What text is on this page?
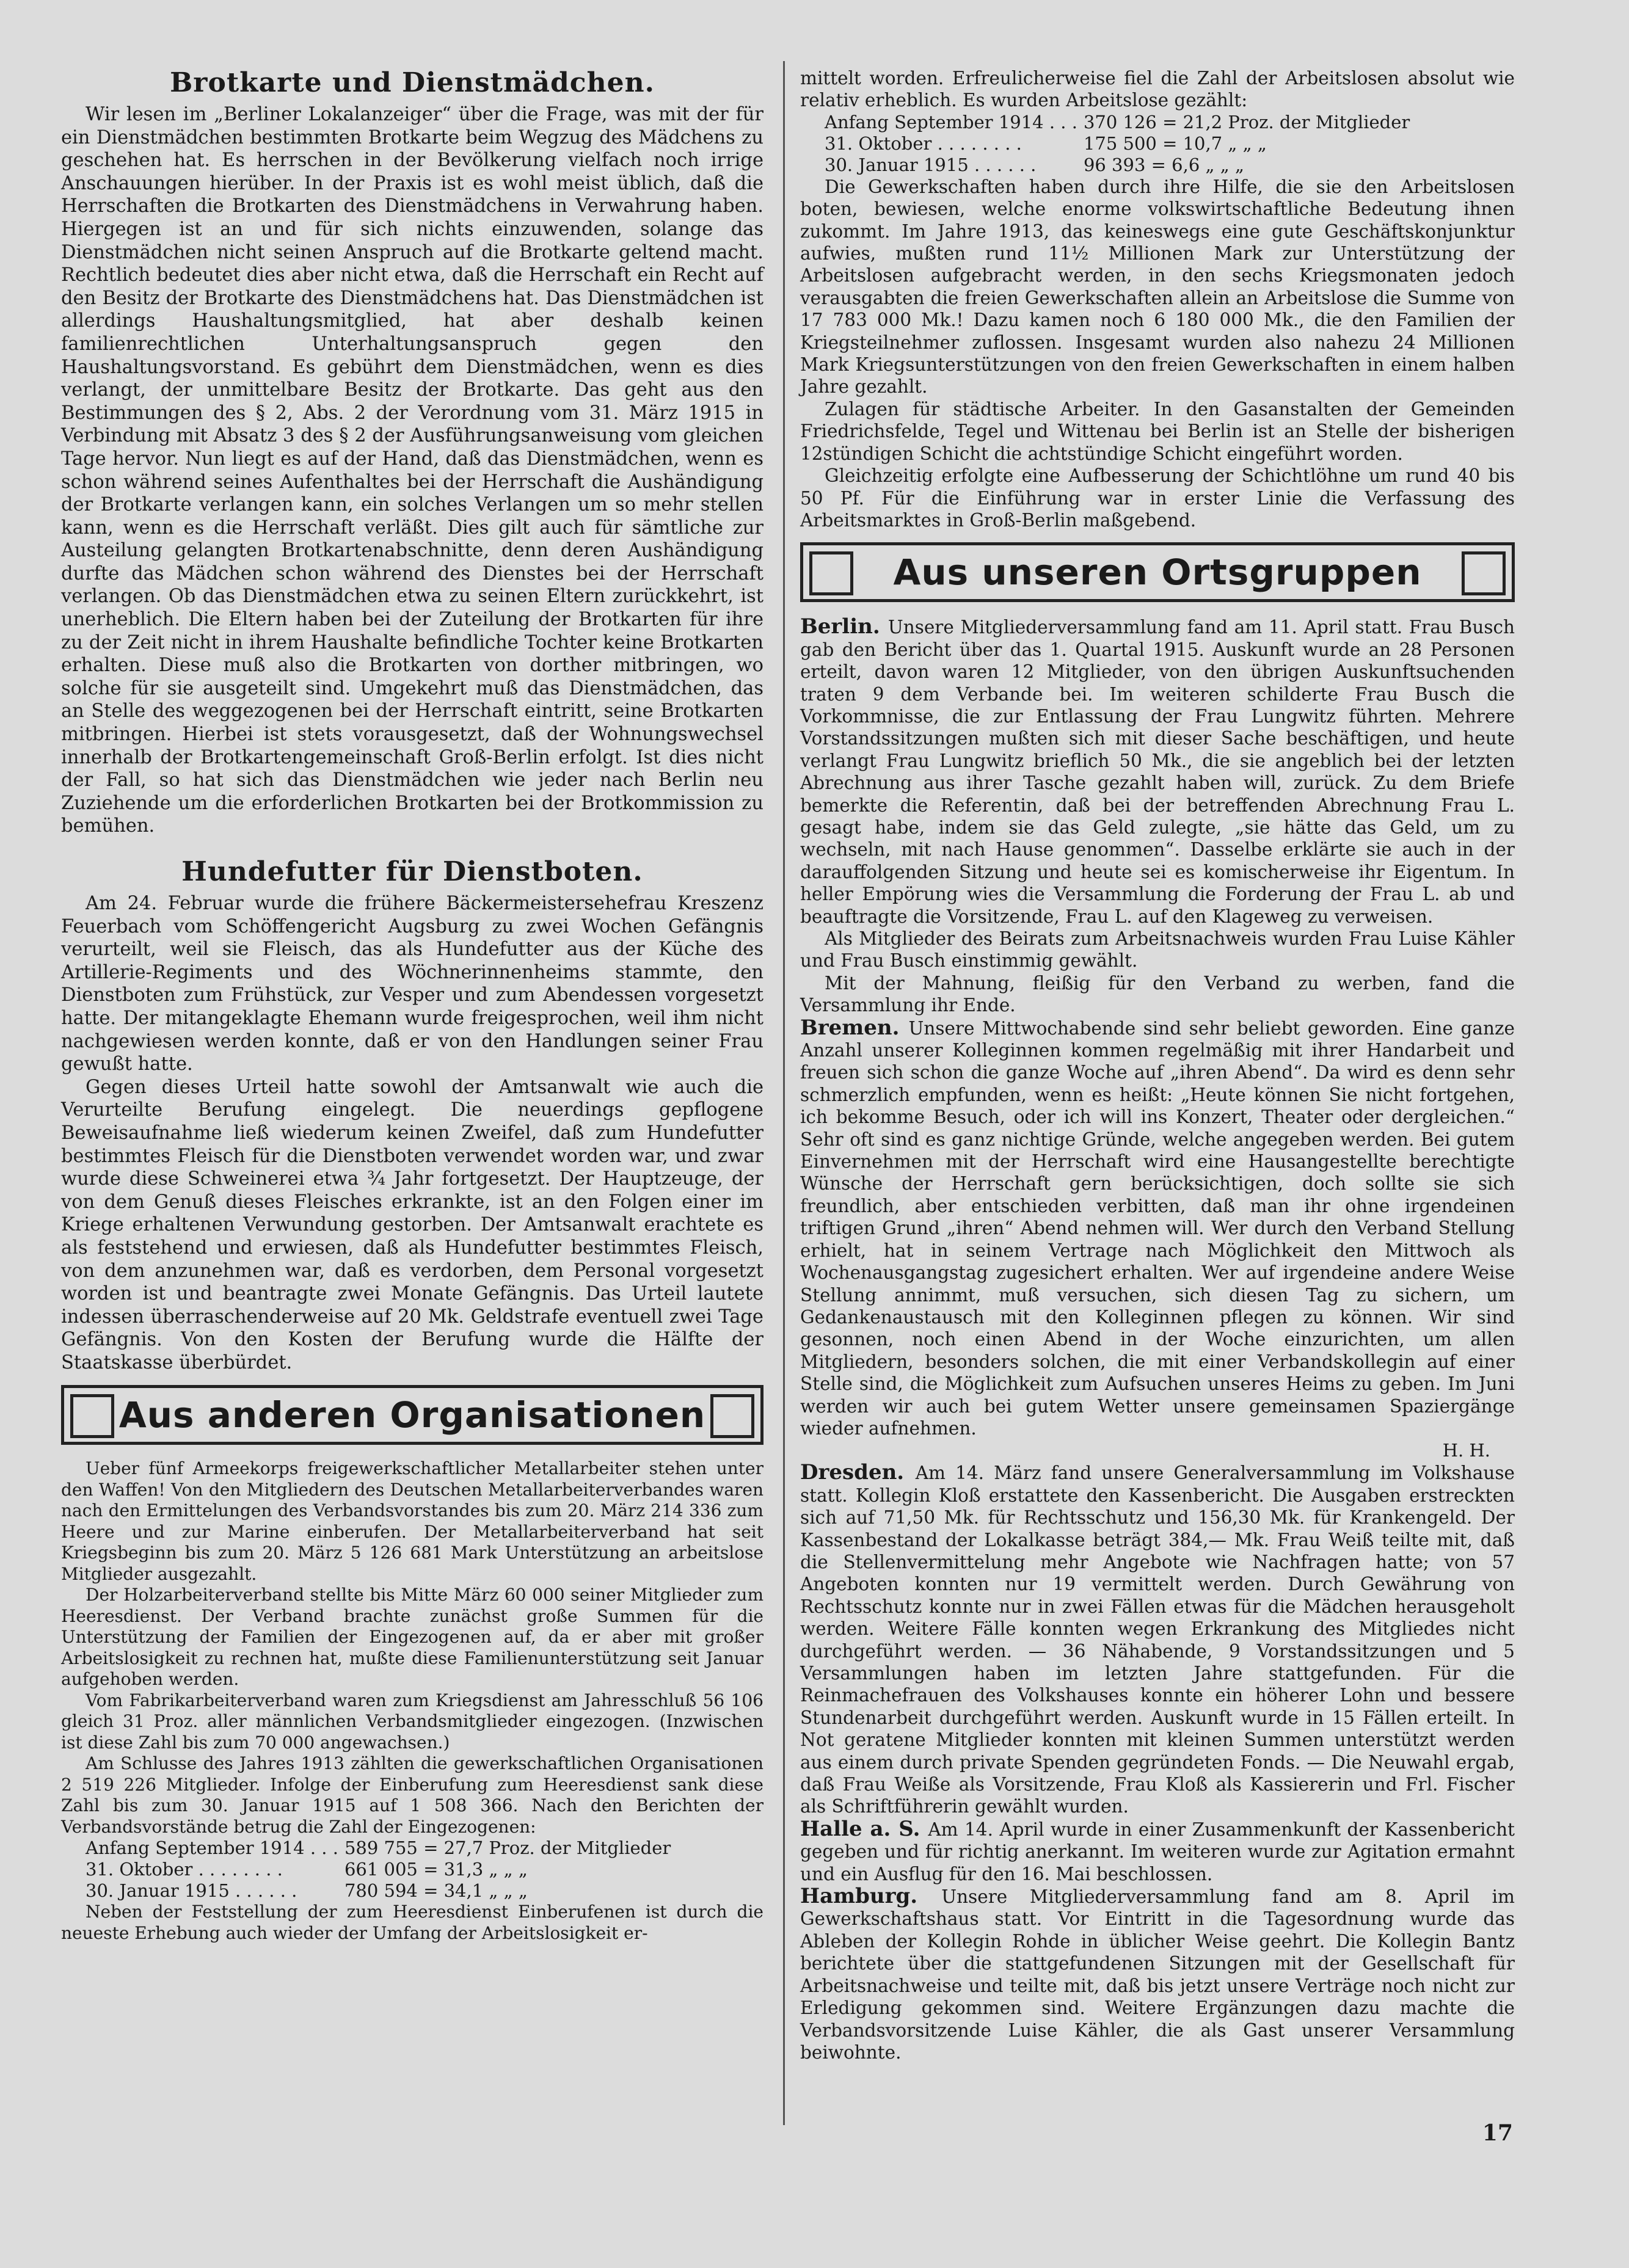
Brotkarte und Dienstmädchen.

Wir lesen im „Berliner Lokalanzeiger“ über die Frage, was mit der für ein Dienstmädchen bestimmten Brotkarte beim Wegzug des Mädchens zu geschehen hat. Es herrschen in der Bevölkerung vielfach noch irrige Anschauungen hierüber. In der Praxis ist es wohl meist üblich, daß die Herrschaften die Brotkarten des Dienstmädchens in Verwahrung haben. Hiergegen ist an und für sich nichts einzuwenden, solange das Dienstmädchen nicht seinen Anspruch auf die Brotkarte geltend macht. Rechtlich bedeutet dies aber nicht etwa, daß die Herrschaft ein Recht auf den Besitz der Brotkarte des Dienstmädchens hat. Das Dienstmädchen ist allerdings Haushaltungsmitglied, hat aber deshalb keinen familienrechtlichen Unterhaltungsanspruch gegen den Haushaltungsvorstand. Es gebührt dem Dienstmädchen, wenn es dies verlangt, der unmittelbare Besitz der Brotkarte. Das geht aus den Bestimmungen des § 2, Abs. 2 der Verordnung vom 31. März 1915 in Verbindung mit Absatz 3 des § 2 der Ausführungsanweisung vom gleichen Tage hervor. Nun liegt es auf der Hand, daß das Dienstmädchen, wenn es schon während seines Aufenthaltes bei der Herrschaft die Aushändigung der Brotkarte verlangen kann, ein solches Verlangen um so mehr stellen kann, wenn es die Herrschaft verläßt. Dies gilt auch für sämtliche zur Austeilung gelangten Brotkartenabschnitte, denn deren Aushändigung durfte das Mädchen schon während des Dienstes bei der Herrschaft verlangen. Ob das Dienstmädchen etwa zu seinen Eltern zurückkehrt, ist unerheblich. Die Eltern haben bei der Zuteilung der Brotkarten für ihre zu der Zeit nicht in ihrem Haushalte befindliche Tochter keine Brotkarten erhalten. Diese muß also die Brotkarten von dorther mitbringen, wo solche für sie ausgeteilt sind. Umgekehrt muß das Dienstmädchen, das an Stelle des weggezogenen bei der Herrschaft eintritt, seine Brotkarten mitbringen. Hierbei ist stets vorausgesetzt, daß der Wohnungswechsel innerhalb der Brotkartengemeinschaft Groß-Berlin erfolgt. Ist dies nicht der Fall, so hat sich das Dienstmädchen wie jeder nach Berlin neu Zuziehende um die erforderlichen Brotkarten bei der Brotkommission zu bemühen.

Hundefutter für Dienstboten.

Am 24. Februar wurde die frühere Bäckermeistersehefrau Kreszenz Feuerbach vom Schöffengericht Augsburg zu zwei Wochen Gefängnis verurteilt, weil sie Fleisch, das als Hundefutter aus der Küche des Artillerie-Regiments und des Wöchnerinnenheims stammte, den Dienstboten zum Frühstück, zur Vesper und zum Abendessen vorgesetzt hatte. Der mitangeklagte Ehemann wurde freigesprochen, weil ihm nicht nachgewiesen werden konnte, daß er von den Handlungen seiner Frau gewußt hatte.

Gegen dieses Urteil hatte sowohl der Amtsanwalt wie auch die Verurteilte Berufung eingelegt. Die neuerdings gepflogene Beweisaufnahme ließ wiederum keinen Zweifel, daß zum Hundefutter bestimmtes Fleisch für die Dienstboten verwendet worden war, und zwar wurde diese Schweinerei etwa ¾ Jahr fortgesetzt. Der Hauptzeuge, der von dem Genuß dieses Fleisches erkrankte, ist an den Folgen einer im Kriege erhaltenen Verwundung gestorben. Der Amtsanwalt erachtete es als feststehend und erwiesen, daß als Hundefutter bestimmtes Fleisch, von dem anzunehmen war, daß es verdorben, dem Personal vorgesetzt worden ist und beantragte zwei Monate Gefängnis. Das Urteil lautete indessen überraschenderweise auf 20 Mk. Geldstrafe eventuell zwei Tage Gefängnis. Von den Kosten der Berufung wurde die Hälfte der Staatskasse überbürdet.

Aus anderen Organisationen

Ueber fünf Armeekorps freigewerkschaftlicher Metallarbeiter stehen unter den Waffen! Von den Mitgliedern des Deutschen Metallarbeiterverbandes waren nach den Ermittelungen des Verbandsvorstandes bis zum 20. März 214 336 zum Heere und zur Marine einberufen. Der Metallarbeiterverband hat seit Kriegsbeginn bis zum 20. März 5 126 681 Mark Unterstützung an arbeitslose Mitglieder ausgezahlt.

Der Holzarbeiterverband stellte bis Mitte März 60 000 seiner Mitglieder zum Heeresdienst. Der Verband brachte zunächst große Summen für die Unterstützung der Familien der Eingezogenen auf, da er aber mit großer Arbeitslosigkeit zu rechnen hat, mußte diese Familienunterstützung seit Januar aufgehoben werden.

Vom Fabrikarbeiterverband waren zum Kriegsdienst am Jahresschluß 56 106 gleich 31 Proz. aller männlichen Verbandsmitglieder eingezogen. (Inzwischen ist diese Zahl bis zum 70 000 angewachsen.)

Am Schlusse des Jahres 1913 zählten die gewerkschaftlichen Organisationen 2 519 226 Mitglieder. Infolge der Einberufung zum Heeresdienst sank diese Zahl bis zum 30. Januar 1915 auf 1 508 366. Nach den Berichten der Verbandsvorstände betrug die Zahl der Eingezogenen:

Anfang September 1914 . . .	589 755 = 27,7 Proz. der Mitglieder
31. Oktober . . . . . . . .	661 005 = 31,3 „ „ „
30. Januar 1915 . . . . . .	780 594 = 34,1 „ „ „

Neben der Feststellung der zum Heeresdienst Einberufenen ist durch die neueste Erhebung auch wieder der Umfang der Arbeitslosigkeit er-

mittelt worden. Erfreulicherweise fiel die Zahl der Arbeitslosen absolut wie relativ erheblich. Es wurden Arbeitslose gezählt:

Anfang September 1914 . . .	370 126 = 21,2 Proz. der Mitglieder
31. Oktober . . . . . . . .	175 500 = 10,7 „ „ „
30. Januar 1915 . . . . . .	96 393 = 6,6 „ „ „

Die Gewerkschaften haben durch ihre Hilfe, die sie den Arbeitslosen boten, bewiesen, welche enorme volkswirtschaftliche Bedeutung ihnen zukommt. Im Jahre 1913, das keineswegs eine gute Geschäftskonjunktur aufwies, mußten rund 11½ Millionen Mark zur Unterstützung der Arbeitslosen aufgebracht werden, in den sechs Kriegsmonaten jedoch verausgabten die freien Gewerkschaften allein an Arbeitslose die Summe von 17 783 000 Mk.! Dazu kamen noch 6 180 000 Mk., die den Familien der Kriegsteilnehmer zuflossen. Insgesamt wurden also nahezu 24 Millionen Mark Kriegsunterstützungen von den freien Gewerkschaften in einem halben Jahre gezahlt.

Zulagen für städtische Arbeiter. In den Gasanstalten der Gemeinden Friedrichsfelde, Tegel und Wittenau bei Berlin ist an Stelle der bisherigen 12stündigen Schicht die achtstündige Schicht eingeführt worden.

Gleichzeitig erfolgte eine Aufbesserung der Schichtlöhne um rund 40 bis 50 Pf. Für die Einführung war in erster Linie die Verfassung des Arbeitsmarktes in Groß-Berlin maßgebend.

Aus unseren Ortsgruppen

Berlin. Unsere Mitgliederversammlung fand am 11. April statt. Frau Busch gab den Bericht über das 1. Quartal 1915. Auskunft wurde an 28 Personen erteilt, davon waren 12 Mitglieder, von den übrigen Auskunftsuchenden traten 9 dem Verbande bei. Im weiteren schilderte Frau Busch die Vorkommnisse, die zur Entlassung der Frau Lungwitz führten. Mehrere Vorstandssitzungen mußten sich mit dieser Sache beschäftigen, und heute verlangt Frau Lungwitz brieflich 50 Mk., die sie angeblich bei der letzten Abrechnung aus ihrer Tasche gezahlt haben will, zurück. Zu dem Briefe bemerkte die Referentin, daß bei der betreffenden Abrechnung Frau L. gesagt habe, indem sie das Geld zulegte, „sie hätte das Geld, um zu wechseln, mit nach Hause genommen“. Dasselbe erklärte sie auch in der darauffolgenden Sitzung und heute sei es komischerweise ihr Eigentum. In heller Empörung wies die Versammlung die Forderung der Frau L. ab und beauftragte die Vorsitzende, Frau L. auf den Klageweg zu verweisen.

Als Mitglieder des Beirats zum Arbeitsnachweis wurden Frau Luise Kähler und Frau Busch einstimmig gewählt.

Mit der Mahnung, fleißig für den Verband zu werben, fand die Versammlung ihr Ende.

Bremen. Unsere Mittwochabende sind sehr beliebt geworden. Eine ganze Anzahl unserer Kolleginnen kommen regelmäßig mit ihrer Handarbeit und freuen sich schon die ganze Woche auf „ihren Abend“. Da wird es denn sehr schmerzlich empfunden, wenn es heißt: „Heute können Sie nicht fortgehen, ich bekomme Besuch, oder ich will ins Konzert, Theater oder dergleichen.“ Sehr oft sind es ganz nichtige Gründe, welche angegeben werden. Bei gutem Einvernehmen mit der Herrschaft wird eine Hausangestellte berechtigte Wünsche der Herrschaft gern berücksichtigen, doch sollte sie sich freundlich, aber entschieden verbitten, daß man ihr ohne irgendeinen triftigen Grund „ihren“ Abend nehmen will. Wer durch den Verband Stellung erhielt, hat in seinem Vertrage nach Möglichkeit den Mittwoch als Wochenausgangstag zugesichert erhalten. Wer auf irgendeine andere Weise Stellung annimmt, muß versuchen, sich diesen Tag zu sichern, um Gedankenaustausch mit den Kolleginnen pflegen zu können. Wir sind gesonnen, noch einen Abend in der Woche einzurichten, um allen Mitgliedern, besonders solchen, die mit einer Verbandskollegin auf einer Stelle sind, die Möglichkeit zum Aufsuchen unseres Heims zu geben. Im Juni werden wir auch bei gutem Wetter unsere gemeinsamen Spaziergänge wieder aufnehmen.

H. H.

Dresden. Am 14. März fand unsere Generalversammlung im Volkshause statt. Kollegin Kloß erstattete den Kassenbericht. Die Ausgaben erstreckten sich auf 71,50 Mk. für Rechtsschutz und 156,30 Mk. für Krankengeld. Der Kassenbestand der Lokalkasse beträgt 384,— Mk. Frau Weiß teilte mit, daß die Stellenvermittelung mehr Angebote wie Nachfragen hatte; von 57 Angeboten konnten nur 19 vermittelt werden. Durch Gewährung von Rechtsschutz konnte nur in zwei Fällen etwas für die Mädchen herausgeholt werden. Weitere Fälle konnten wegen Erkrankung des Mitgliedes nicht durchgeführt werden. — 36 Nähabende, 9 Vorstandssitzungen und 5 Versammlungen haben im letzten Jahre stattgefunden. Für die Reinmachefrauen des Volkshauses konnte ein höherer Lohn und bessere Stundenarbeit durchgeführt werden. Auskunft wurde in 15 Fällen erteilt. In Not geratene Mitglieder konnten mit kleinen Summen unterstützt werden aus einem durch private Spenden gegründeten Fonds. — Die Neuwahl ergab, daß Frau Weiße als Vorsitzende, Frau Kloß als Kassiererin und Frl. Fischer als Schriftführerin gewählt wurden.

Halle a. S. Am 14. April wurde in einer Zusammenkunft der Kassenbericht gegeben und für richtig anerkannt. Im weiteren wurde zur Agitation ermahnt und ein Ausflug für den 16. Mai beschlossen.

Hamburg. Unsere Mitgliederversammlung fand am 8. April im Gewerkschaftshaus statt. Vor Eintritt in die Tagesordnung wurde das Ableben der Kollegin Rohde in üblicher Weise geehrt. Die Kollegin Bantz berichtete über die stattgefundenen Sitzungen mit der Gesellschaft für Arbeitsnachweise und teilte mit, daß bis jetzt unsere Verträge noch nicht zur Erledigung gekommen sind. Weitere Ergänzungen dazu machte die Verbandsvorsitzende Luise Kähler, die als Gast unserer Versammlung beiwohnte.

17
